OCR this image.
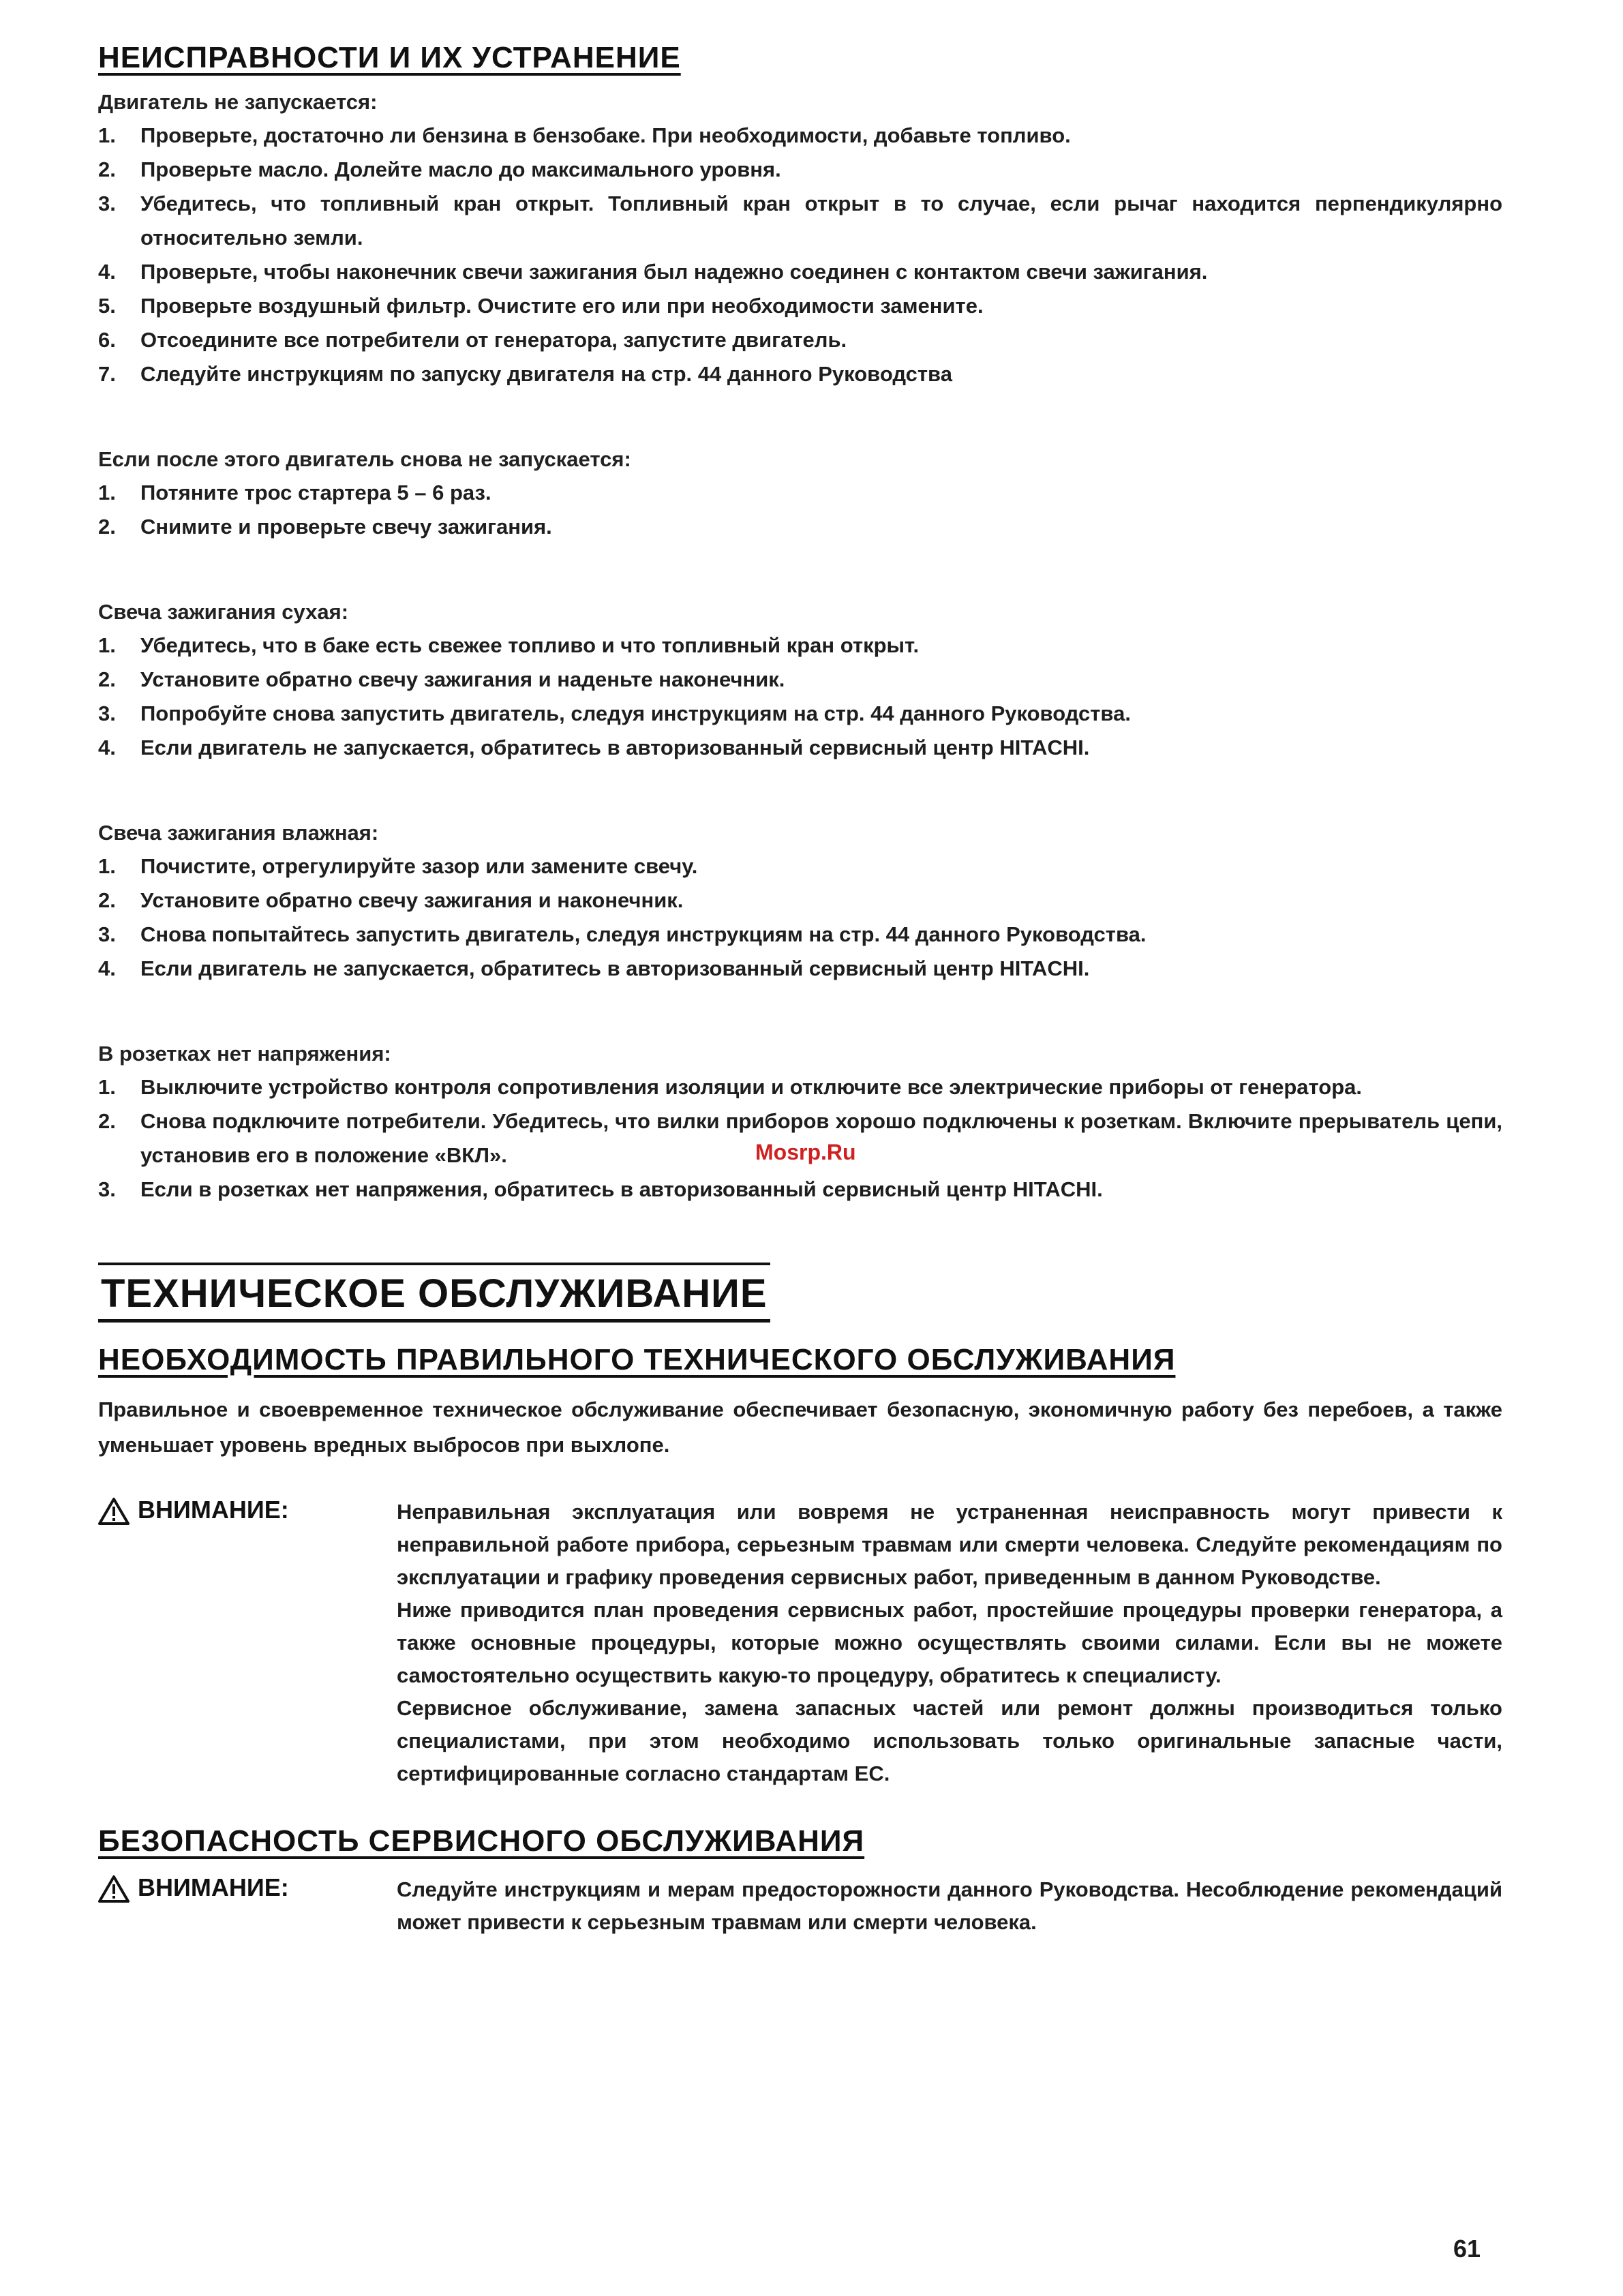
НЕИСПРАВНОСТИ И ИХ УСТРАНЕНИЕ
Двигатель не запускается:
1.	Проверьте, достаточно ли бензина в бензобаке. При необходимости, добавьте топливо.
2.	Проверьте масло. Долейте масло до максимального уровня.
3.	Убедитесь, что топливный кран открыт. Топливный кран открыт в то случае, если рычаг находится перпендикулярно относительно земли.
4.	Проверьте, чтобы наконечник свечи зажигания был надежно соединен с контактом свечи зажигания.
5.	Проверьте воздушный фильтр. Очистите его или при необходимости замените.
6.	Отсоедините все потребители от генератора, запустите двигатель.
7.	Следуйте инструкциям по запуску двигателя на стр. 44 данного Руководства
Если после этого двигатель снова не запускается:
1.	Потяните трос стартера 5 – 6 раз.
2.	Снимите и проверьте свечу зажигания.
Свеча зажигания сухая:
1.	Убедитесь, что в баке есть свежее топливо и что топливный кран открыт.
2.	Установите обратно свечу зажигания и наденьте наконечник.
3.	Попробуйте снова запустить двигатель, следуя инструкциям на стр. 44 данного Руководства.
4.	Если двигатель не запускается, обратитесь в авторизованный сервисный центр HITACHI.
Свеча зажигания влажная:
1.	Почистите, отрегулируйте зазор или замените свечу.
2.	Установите обратно свечу зажигания и наконечник.
3.	Снова попытайтесь запустить двигатель, следуя инструкциям на стр. 44 данного Руководства.
4.	Если двигатель не запускается, обратитесь в авторизованный сервисный центр HITACHI.
В розетках нет напряжения:
1.	Выключите устройство контроля сопротивления изоляции и отключите все электрические приборы от генератора.
2.	Снова подключите потребители. Убедитесь, что вилки приборов хорошо подключены к розеткам. Включите прерыватель цепи, установив его в положение «ВКЛ».
3.	Если в розетках нет напряжения, обратитесь в авторизованный сервисный центр HITACHI.
ТЕХНИЧЕСКОЕ ОБСЛУЖИВАНИЕ
НЕОБХОДИМОСТЬ ПРАВИЛЬНОГО ТЕХНИЧЕСКОГО ОБСЛУЖИВАНИЯ

Правильное и своевременное техническое обслуживание обеспечивает безопасную, экономичную работу без перебоев, а также уменьшает уровень вредных выбросов при выхлопе.

ВНИМАНИЕ:	Неправильная эксплуатация или вовремя не устраненная неисправность могут привести к неправильной работе прибора, серьезным травмам или смерти человека. Следуйте рекомендациям по эксплуатации и графику проведения сервисных работ, приведенным в данном Руководстве.

Ниже приводится план проведения сервисных работ, простейшие процедуры проверки генератора, а также основные процедуры, которые можно осуществлять своими силами. Если вы не можете самостоятельно осуществить какую-то процедуру, обратитесь к специалисту.

Сервисное обслуживание, замена запасных частей или ремонт должны производиться только специалистами, при этом необходимо использовать только оригинальные запасные части, сертифицированные согласно стандартам ЕС.

БЕЗОПАСНОСТЬ СЕРВИСНОГО ОБСЛУЖИВАНИЯ
ВНИМАНИЕ:	Следуйте инструкциям и мерам предосторожности данного Руководства. Несоблюдение рекомендаций может привести к серьезным травмам или смерти человека.

Mosrp.Ru
61
